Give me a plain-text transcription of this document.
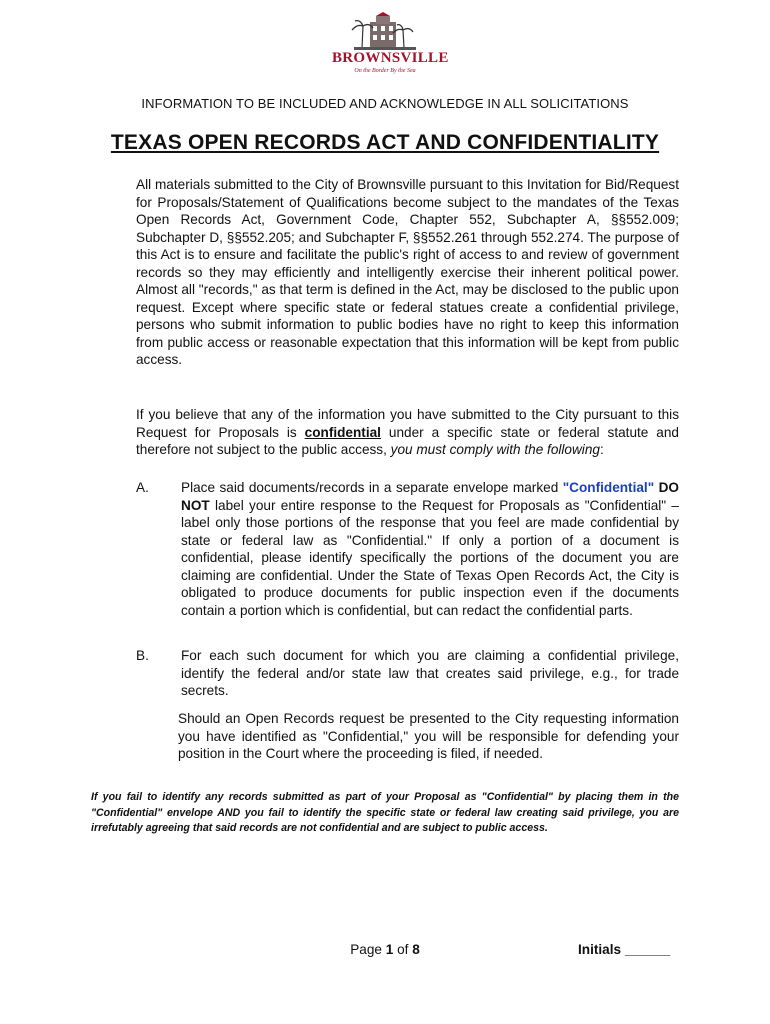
BROWNSVILLE
On the Border By the Sea
INFORMATION TO BE INCLUDED AND ACKNOWLEDGE IN ALL SOLICITATIONS
TEXAS OPEN RECORDS ACT AND CONFIDENTIALITY
All materials submitted to the City of Brownsville pursuant to this Invitation for Bid/Request for Proposals/Statement of Qualifications become subject to the mandates of the Texas Open Records Act, Government Code, Chapter 552, Subchapter A, §§552.009; Subchapter D, §§552.205; and Subchapter F, §§552.261 through 552.274. The purpose of this Act is to ensure and facilitate the public's right of access to and review of government records so they may efficiently and intelligently exercise their inherent political power. Almost all "records," as that term is defined in the Act, may be disclosed to the public upon request. Except where specific state or federal statues create a confidential privilege, persons who submit information to public bodies have no right to keep this information from public access or reasonable expectation that this information will be kept from public access.
If you believe that any of the information you have submitted to the City pursuant to this Request for Proposals is confidential under a specific state or federal statute and therefore not subject to the public access, you must comply with the following:
A. Place said documents/records in a separate envelope marked "Confidential" DO NOT label your entire response to the Request for Proposals as "Confidential" – label only those portions of the response that you feel are made confidential by state or federal law as "Confidential." If only a portion of a document is confidential, please identify specifically the portions of the document you are claiming are confidential. Under the State of Texas Open Records Act, the City is obligated to produce documents for public inspection even if the documents contain a portion which is confidential, but can redact the confidential parts.
B. For each such document for which you are claiming a confidential privilege, identify the federal and/or state law that creates said privilege, e.g., for trade secrets.
Should an Open Records request be presented to the City requesting information you have identified as "Confidential," you will be responsible for defending your position in the Court where the proceeding is filed, if needed.
If you fail to identify any records submitted as part of your Proposal as "Confidential" by placing them in the "Confidential" envelope AND you fail to identify the specific state or federal law creating said privilege, you are irrefutably agreeing that said records are not confidential and are subject to public access.
Page 1 of 8	Initials ______
